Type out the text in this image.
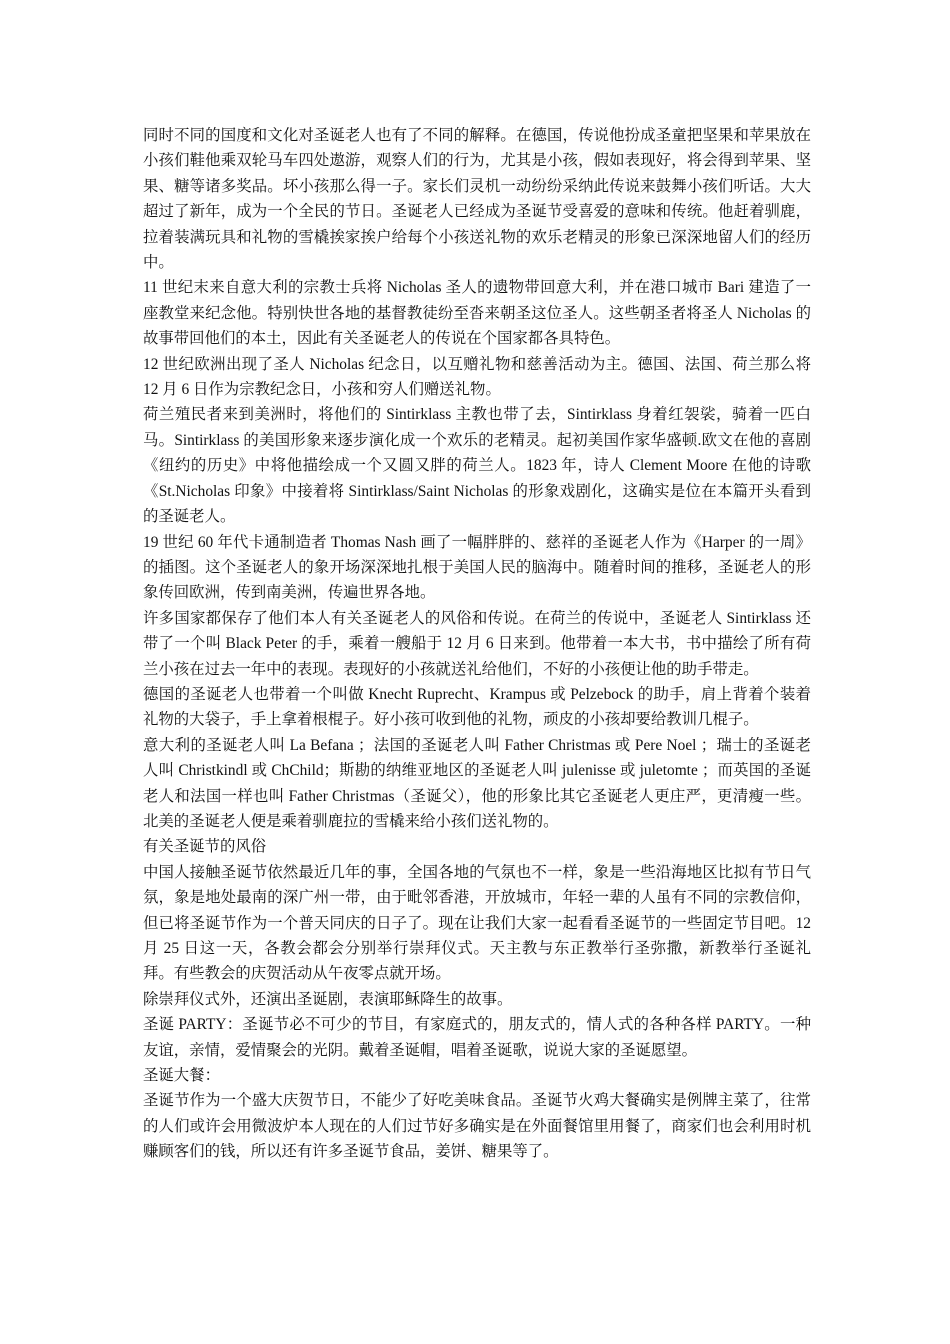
同时不同的国度和文化对圣诞老人也有了不同的解释。在德国，传说他扮成圣童把坚果和苹果放在小孩们鞋他乘双轮马车四处遨游，观察人们的行为，尤其是小孩，假如表现好，将会得到苹果、坚果、糖等诸多奖品。坏小孩那么得一子。家长们灵机一动纷纷采纳此传说来鼓舞小孩们听话。大大超过了新年，成为一个全民的节日。圣诞老人已经成为圣诞节受喜爱的意味和传统。他赶着驯鹿，拉着装满玩具和礼物的雪橇挨家挨户给每个小孩送礼物的欢乐老精灵的形象已深深地留人们的经历中。

11 世纪末来自意大利的宗教士兵将 Nicholas 圣人的遗物带回意大利，并在港口城市 Bari 建造了一座教堂来纪念他。特别快世各地的基督教徒纷至沓来朝圣这位圣人。这些朝圣者将圣人 Nicholas 的故事带回他们的本土，因此有关圣诞老人的传说在个国家都各具特色。

12 世纪欧洲出现了圣人 Nicholas 纪念日，以互赠礼物和慈善活动为主。德国、法国、荷兰那么将 12 月 6 日作为宗教纪念日，小孩和穷人们赠送礼物。

荷兰殖民者来到美洲时，将他们的 Sintirklass 主教也带了去，Sintirklass 身着红袈裟，骑着一匹白马。Sintirklass 的美国形象来逐步演化成一个欢乐的老精灵。起初美国作家华盛顿.欧文在他的喜剧《纽约的历史》中将他描绘成一个又圆又胖的荷兰人。1823 年，诗人 Clement Moore 在他的诗歌《St.Nicholas 印象》中接着将 Sintirklass/Saint Nicholas 的形象戏剧化，这确实是位在本篇开头看到的圣诞老人。

19 世纪 60 年代卡通制造者 Thomas Nash 画了一幅胖胖的、慈祥的圣诞老人作为《Harper 的一周》的插图。这个圣诞老人的象开场深深地扎根于美国人民的脑海中。随着时间的推移，圣诞老人的形象传回欧洲，传到南美洲，传遍世界各地。

许多国家都保存了他们本人有关圣诞老人的风俗和传说。在荷兰的传说中，圣诞老人 Sintirklass 还带了一个叫 Black Peter 的手，乘着一艘船于 12 月 6 日来到。他带着一本大书，书中描绘了所有荷兰小孩在过去一年中的表现。表现好的小孩就送礼给他们，不好的小孩便让他的助手带走。

德国的圣诞老人也带着一个叫做 Knecht Ruprecht、Krampus 或 Pelzebock 的助手，肩上背着个装着礼物的大袋子，手上拿着根棍子。好小孩可收到他的礼物，顽皮的小孩却要给教训几棍子。

意大利的圣诞老人叫 La Befana ；法国的圣诞老人叫 Father Christmas 或 Pere Noel ；瑞士的圣诞老人叫 Christkindl 或 ChChild；斯勘的纳维亚地区的圣诞老人叫 julenisse 或 juletomte ；而英国的圣诞老人和法国一样也叫 Father Christmas（圣诞父），他的形象比其它圣诞老人更庄严，更清瘦一些。北美的圣诞老人便是乘着驯鹿拉的雪橇来给小孩们送礼物的。

有关圣诞节的风俗

中国人接触圣诞节依然最近几年的事，全国各地的气氛也不一样，象是一些沿海地区比拟有节日气氛，象是地处最南的深广州一带，由于毗邻香港，开放城市，年轻一辈的人虽有不同的宗教信仰，但已将圣诞节作为一个普天同庆的日子了。现在让我们大家一起看看圣诞节的一些固定节目吧。12 月 25 日这一天，各教会都会分别举行崇拜仪式。天主教与东正教举行圣弥撒，新教举行圣诞礼拜。有些教会的庆贺活动从午夜零点就开场。

除崇拜仪式外，还演出圣诞剧，表演耶稣降生的故事。

圣诞 PARTY：圣诞节必不可少的节目，有家庭式的，朋友式的，情人式的各种各样 PARTY。一种友谊，亲情，爱情聚会的光阴。戴着圣诞帽，唱着圣诞歌，说说大家的圣诞愿望。

圣诞大餐：

圣诞节作为一个盛大庆贺节日，不能少了好吃美味食品。圣诞节火鸡大餐确实是例牌主菜了，往常的人们或许会用微波炉本人现在的人们过节好多确实是在外面餐馆里用餐了，商家们也会利用时机赚顾客们的钱，所以还有许多圣诞节食品，姜饼、糖果等了。
